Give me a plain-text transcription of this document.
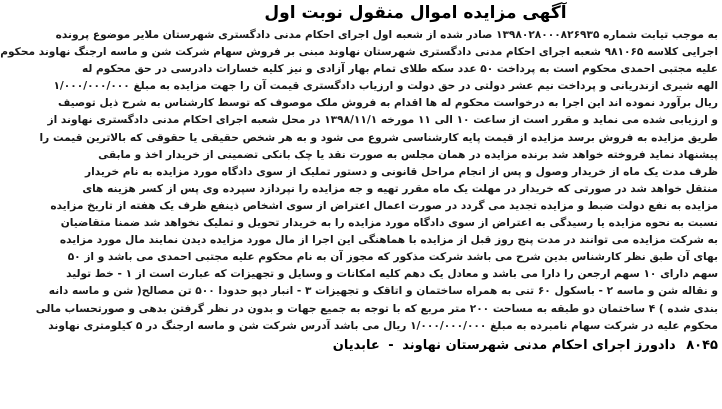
آگهی مزایده اموال منقول نوبت اول
به موجب تیابت شماره ۱۳۹۸۰۲۸۰۰۰۸۲۶۹۳۵ صادر شده از شعبه اول اجرای احکام مدنی دادگستری شهرستان ملایر موضوع پرونده
اجرایی کلاسه ۹۸۱۰۶۵ شعبه اجرای احکام مدنی دادگستری شهرستان نهاوند مبنی بر فروش سهام شرکت شن و ماسه ارجنگ نهاوند محکوم
علیه مجتبی احمدی محکوم است به پرداخت ۵۰ عدد سکه طلای تمام بهار آزادی و نیز کلیه خسارات دادرسی در حق محکوم له
الهه شیری ازندریانی و پرداخت نیم عشر دولتی در حق دولت و ارزیاب دادگستری قیمت آن را جهت مزایده به مبلغ ۱/۰۰۰/۰۰۰/۰۰۰
ریال برآورد نموده اند این اجرا به درخواست محکوم له ها اقدام به فروش ملک موصوف که توسط کارشناس به شرح ذیل توصیف
و ارزیابی شده می نماید و مقرر است از ساعت ۱۰ الی ۱۱ مورخه ۱۳۹۸/۱۱/۱ در محل شعبه اجرای احکام مدنی دادگستری نهاوند از
طریق مزایده به فروش برسد مزایده از قیمت پایه کارشناسی شروع می شود و به هر شخص حقیقی یا حقوقی که بالاترین قیمت را
پیشنهاد نماید فروخته خواهد شد برنده مزایده در همان مجلس به صورت نقد یا چک بانکی تضمینی از خریدار اخذ و مابقی
ظرف مدت یک ماه از خریدار وصول و پس از انجام مراحل قانونی و دستور تملیک از سوی دادگاه مورد مزایده به نام خریدار
منتقل خواهد شد در صورتی که خریدار در مهلت یک ماه مقرر تهیه و جه مزایده را نپردازد سپرده وی پس از کسر هزینه های
مزایده به نفع دولت ضبط و مزایده تجدید می گردد در صورت اعمال اعتراض از سوی اشخاص ذینفع ظرف یک هفته از تاریخ مزایده
نسبت به نحوه مزایده یا رسیدگی به اعتراض از سوی دادگاه مورد مزایده را به خریدار تحویل و تملیک نخواهد شد ضمنا متقاضیان
به شرکت مزایده می توانند در مدت پنج روز قبل از مزایده با هماهنگی این اجرا از مال مورد مزایده دیدن نمایند مال مورد مزایده
بهای آن طبق نظر کارشناس بدین شرح می باشد شرکت مذکور که مجوز آن به نام محکوم علیه مجتبی احمدی می باشد و از ۵۰
سهم دارای ۱۰ سهم ارجعن را دارا می باشد و معادل یک دهم کلیه امکانات و وسایل و تجهیزات که عبارت است از ۱ - خط تولید
و نقاله شن و ماسه ۲ - باسکول ۶۰ تنی به همراه ساختمان و اتاقک و تجهیزات ۳ - انبار دپو حدودا ۵۰۰ تن مصالح( شن و ماسه دانه
بندی شده ) ۴ ساختمان دو طبقه به مساحت ۲۰۰ متر مربع که با توجه به جمیع جهات و بدون در نظر گرفتن بدهی و صورتحساب مالی
محکوم علیه در شرکت سهام نامبرده به مبلغ ۱/۰۰۰/۰۰۰/۰۰۰ ریال می باشد آدرس شرکت شن و ماسه ارجنگ در ۵ کیلومتری نهاوند
۸۰۴۵ دادورز اجرای احکام مدنی شهرستان نهاوند - عابدیان
